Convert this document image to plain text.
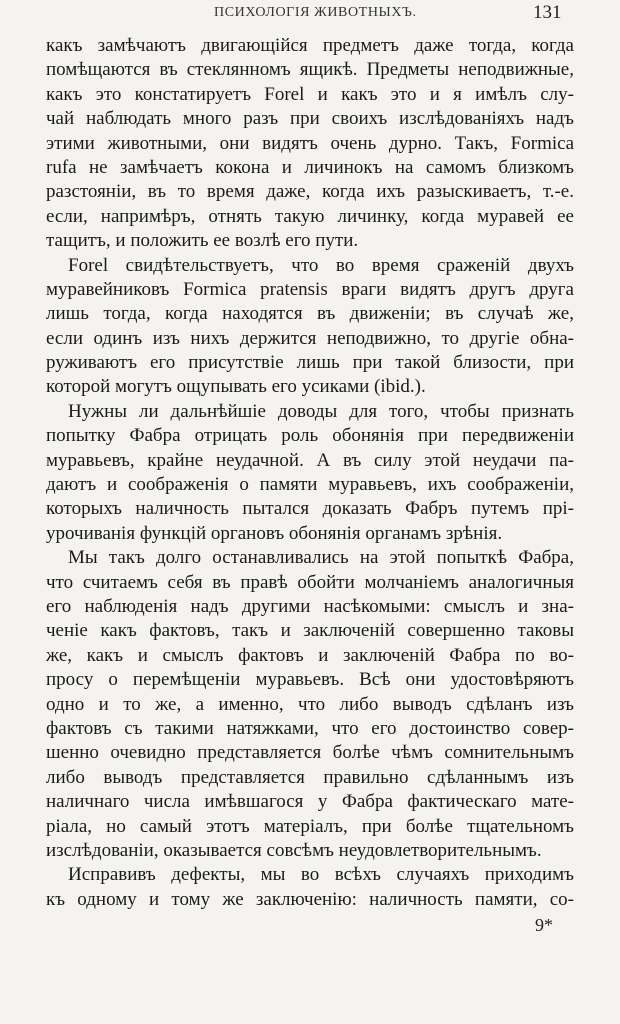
ПСИХОЛОГІЯ ЖИВОТНЫХЪ.	131
какъ замѣчаютъ двигающійся предметъ даже тогда, когда
помѣщаются въ стеклянномъ ящикѣ. Предметы неподвижные,
какъ это констатируетъ Forel и какъ это и я имѣлъ слу-
чай наблюдать много разъ при своихъ изслѣдованіяхъ надъ
этими животными, они видятъ очень дурно. Такъ, Formica
rufa не замѣчаетъ кокона и личинокъ на самомъ близкомъ
разстояніи, въ то время даже, когда ихъ разыскиваетъ, т.-е.
если, напримѣръ, отнять такую личинку, когда муравей ее
тащитъ, и положить ее возлѣ его пути.
Forel свидѣтельствуетъ, что во время сраженій двухъ
муравейниковъ Formica pratensis враги видятъ другъ друга
лишь тогда, когда находятся въ движеніи; въ случаѣ же,
если одинъ изъ нихъ держится неподвижно, то другіе обна-
руживаютъ его присутствіе лишь при такой близости, при
которой могутъ ощупывать его усиками (ibid.).
Нужны ли дальнѣйшіе доводы для того, чтобы признать
попытку Фабра отрицать роль обонянія при передвиженіи
муравьевъ, крайне неудачной. А въ силу этой неудачи па-
даютъ и соображенія о памяти муравьевъ, ихъ соображеніи,
которыхъ наличность пытался доказать Фабръ путемъ прі-
урочиванія функцій органовъ обонянія органамъ зрѣнія.
Мы такъ долго останавливались на этой попыткѣ Фабра,
что считаемъ себя въ правѣ обойти молчаніемъ аналогичныя
его наблюденія надъ другими насѣкомыми: смыслъ и зна-
ченіе какъ фактовъ, такъ и заключеній совершенно таковы
же, какъ и смыслъ фактовъ и заключеній Фабра по во-
просу о перемѣщеніи муравьевъ. Всѣ они удостовѣряютъ
одно и то же, а именно, что либо выводъ сдѣланъ изъ
фактовъ съ такими натяжками, что его достоинство совер-
шенно очевидно представляется болѣе чѣмъ сомнительнымъ
либо выводъ представляется правильно сдѣланнымъ изъ
наличнаго числа имѣвшагося у Фабра фактическаго мате-
ріала, но самый этотъ матеріалъ, при болѣе тщательномъ
изслѣдованіи, оказывается совсѣмъ неудовлетворительнымъ.
Исправивъ дефекты, мы во всѣхъ случаяхъ приходимъ
къ одному и тому же заключенію: наличность памяти, со-
9*
